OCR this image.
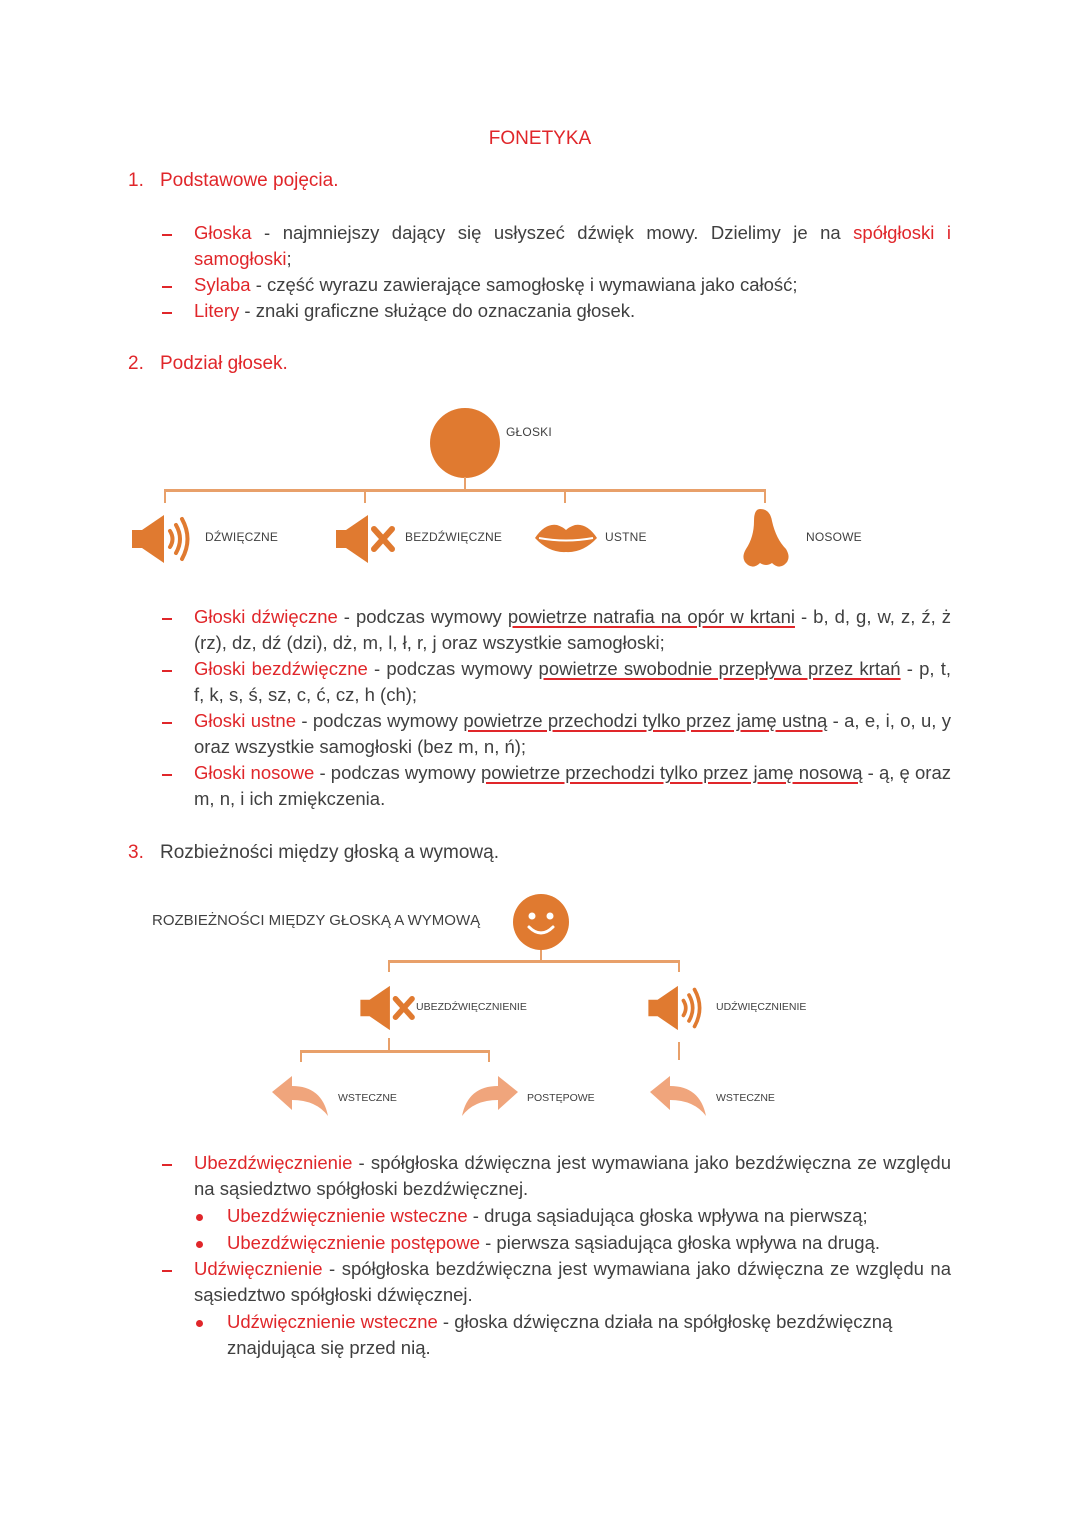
FONETYKA
1. Podstawowe pojęcia.
Głoska - najmniejszy dający się usłyszeć dźwięk mowy. Dzielimy je na spółgłoski i samogłoski;
Sylaba - część wyrazu zawierające samogłoskę i wymawiana jako całość;
Litery - znaki graficzne służące do oznaczania głosek.
2. Podział głosek.
GŁOSKI
DŹWIĘCZNE	BEZDŹWIĘCZNE	USTNE	NOSOWE
Głoski dźwięczne - podczas wymowy powietrze natrafia na opór w krtani - b, d, g, w, z, ź, ż (rz), dz, dź (dzi), dż, m, l, ł, r, j oraz wszystkie samogłoski;
Głoski bezdźwięczne - podczas wymowy powietrze swobodnie przepływa przez krtań - p, t, f, k, s, ś, sz, c, ć, cz, h (ch);
Głoski ustne - podczas wymowy powietrze przechodzi tylko przez jamę ustną - a, e, i, o, u, y oraz wszystkie samogłoski (bez m, n, ń);
Głoski nosowe - podczas wymowy powietrze przechodzi tylko przez jamę nosową - ą, ę oraz m, n, i ich zmiękczenia.
3. Rozbieżności między głoską a wymową.
ROZBIEŻNOŚCI MIĘDZY GŁOSKĄ A WYMOWĄ
UBEZDŹWIĘCZNIENIE	UDŹWIĘCZNIENIE
WSTECZNE	POSTĘPOWE	WSTECZNE
Ubezdźwięcznienie - spółgłoska dźwięczna jest wymawiana jako bezdźwięczna ze względu na sąsiedztwo spółgłoski bezdźwięcznej.
Ubezdźwięcznienie wsteczne - druga sąsiadująca głoska wpływa na pierwszą;
Ubezdźwięcznienie postępowe - pierwsza sąsiadująca głoska wpływa na drugą.
Udźwięcznienie - spółgłoska bezdźwięczna jest wymawiana jako dźwięczna ze względu na sąsiedztwo spółgłoski dźwięcznej.
Udźwięcznienie wsteczne - głoska dźwięczna działa na spółgłoskę bezdźwięczną znajdująca się przed nią.
